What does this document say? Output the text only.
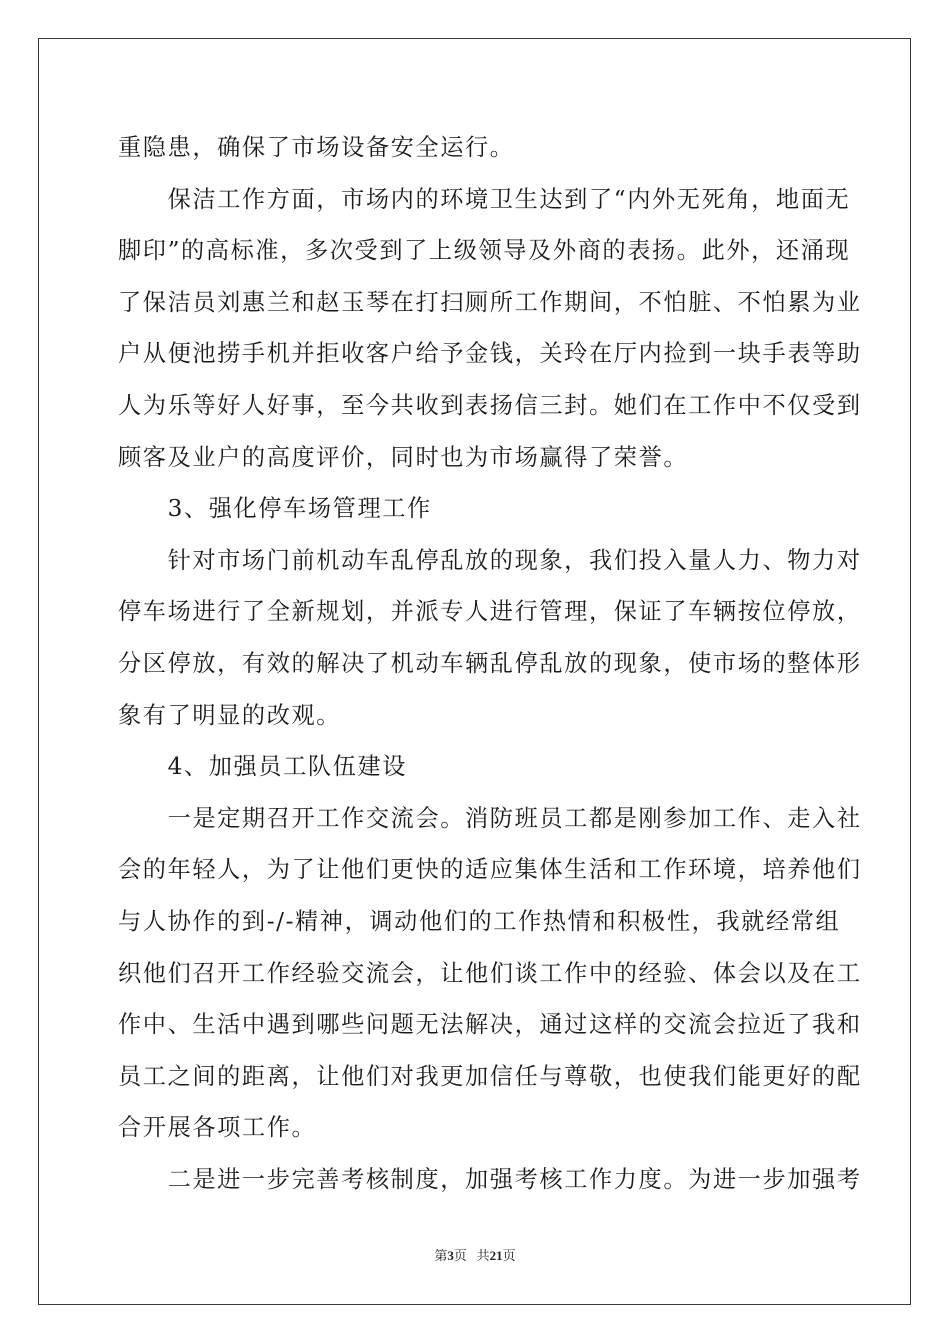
重隐患，确保了市场设备安全运行。
　　保洁工作方面，市场内的环境卫生达到了“内外无死角，地面无
脚印”的高标准，多次受到了上级领导及外商的表扬。此外，还涌现
了保洁员刘惠兰和赵玉琴在打扫厕所工作期间，不怕脏、不怕累为业
户从便池捞手机并拒收客户给予金钱，关玲在厅内捡到一块手表等助
人为乐等好人好事，至今共收到表扬信三封。她们在工作中不仅受到
顾客及业户的高度评价，同时也为市场赢得了荣誉。
　　3、强化停车场管理工作
　　针对市场门前机动车乱停乱放的现象，我们投入量人力、物力对
停车场进行了全新规划，并派专人进行管理，保证了车辆按位停放，
分区停放，有效的解决了机动车辆乱停乱放的现象，使市场的整体形
象有了明显的改观。
　　4、加强员工队伍建设
　　一是定期召开工作交流会。消防班员工都是刚参加工作、走入社
会的年轻人，为了让他们更快的适应集体生活和工作环境，培养他们
与人协作的到-/-精神，调动他们的工作热情和积极性，我就经常组
织他们召开工作经验交流会，让他们谈工作中的经验、体会以及在工
作中、生活中遇到哪些问题无法解决，通过这样的交流会拉近了我和
员工之间的距离，让他们对我更加信任与尊敬，也使我们能更好的配
合开展各项工作。
　　二是进一步完善考核制度，加强考核工作力度。为进一步加强考
第3页 共21页
